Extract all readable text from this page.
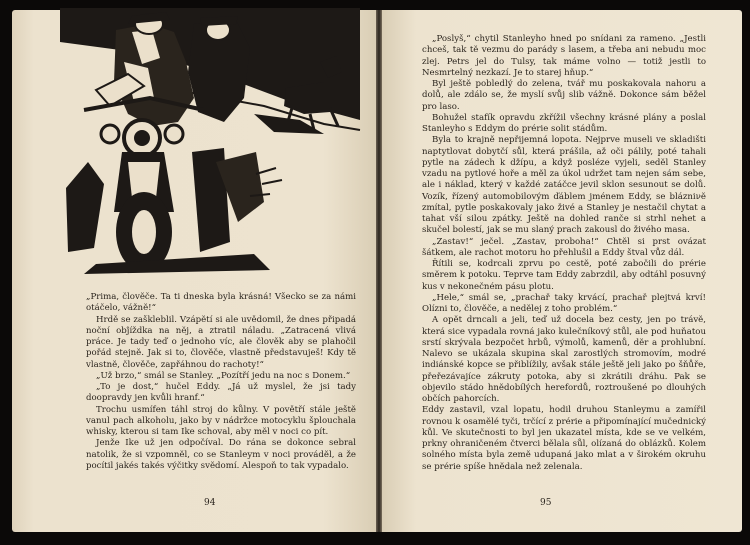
„Prima, človĕče. Ta ti dneska byla krásná! Všecko se za námi otáčelo, vážnĕ!“

Hrdě se zaškleblil. Vzápĕtí si ale uvědomil, že dnes připadá noční obĵíždka na nĕj, a ztratil náladu. „Zatracená vlivá práce. Je tady teď o jednoho víc, ale člověk aby se plahočil pořád stejnĕ. Jak si to, človĕče, vlastnĕ představuješ! Kdy tĕ vlastnĕ, člověče, zapřáhnou do rachoty!“

„Už brzo,“ smál se Stanley. „Pozítří jedu na noc s Donem.“

„To je dost,“ hučel Eddy. „Já už myslel, že jsi tady doopravdy jen kvůli hranf.“

Trochu usmífen táhl stroj do kůlny. V povětří stále ještĕ vanul pach alkoholu, jako by v nádržce motocyklu šplouchala whisky, kterou si tam Ike schoval, aby mĕl v noci co pít.

Jenže Ike už jen odpočíval. Do rána se dokonce sebral natolik, že si vzpomnĕl, co se Stanleym v noci provádĕl, a že pocítil jakés takés výčitky svĕdomí. Alespoň to tak vypadalo.

94

„Poslyš,“ chytil Stanleyho hned po snídani za rameno. „Jestli chceš, tak tĕ vezmu do parády s lasem, a třeba ani nebudu moc zlej. Petrs jel do Tulsy, tak máme volno — totiž jestli to Nesmrtelný nezkazí. Je to starej hňup.“

Byl ještĕ pobledlý do zelena, tvář mu poskakovala nahoru a dolů, ale zdálo se, že myslí svůj slib vážnĕ. Dokonce sám bĕžel pro laso.

Bohužel stafík opravdu zkřížil všechny krásné plány a poslal Stanleyho s Eddym do prérie solit stádům.

Byla to krajnĕ nepřijemná lopota. Nejprve museli ve skladišti naptytlovat dobytčí sůl, která prášila, až oči pálily, poté tahali pytle na zádech k džípu, a když posléze vyjeli, sedĕl Stanley vzadu na pytlové hoře a mĕl za úkol udržet tam nejen sám sebe, ale i náklad, který v každé zatáčce jevil sklon sesunout se dolů. Vozík, řízený automobilovým ďáblem jménem Eddy, se blázniνĕ zmítal, pytle poskakovaly jako živé a Stanley je nestačil chytat a tahat vší silou zpátky. Ještĕ na dohled ranče si strhl nehet a skučel bolestí, jak se mu slaný prach zakousl do živého masa.

„Zastav!“ ječel. „Zastav, proboha!“ Chtĕl si prst ovázat šátkem, ale rachot motoru ho přehlušil a Eddy štval vůz dál.

Řítili se, kodrcali zprvu po cestĕ, poté zabočili do prérie smĕrem k potoku. Teprve tam Eddy zabrzdil, aby odtáhl posuvný kus v nekonečném pásu plotu.

„Hele,“ smál se, „prachař taky krvácí, prachař plejtvá krví! Olízni to, človĕče, a nedĕlej z toho problém.“

A opĕt drncali a jeli, teď už docela bez cesty, jen po trávĕ, která sice vypadala rovná jako kulečníkový stůl, ale pod huňatou srstí skrývala bezpočet hrbů, výmolů, kamenů, dĕr a prohlubní. Nalevo se ukázala skupina skal zarostlých stromovím, modré indiánské kopce se přiblížily, avšak stále ještĕ jeli jako po šňůře, přeřezávajíce zákruty potoka, aby si zkrátili dráhu. Pak se objevilo stádo hnĕdobílých herefordů, roztroušené po dlouhých občích pahorcích.

Eddy zastavil, vzal lopatu, hodil druhou Stanleymu a zamířil rovnou k osamĕlé tyči, trčící z prérie a připomínající mučednický kůl. Ve skutečnosti to byl jen ukazatel místa, kde se ve velkém, prkny ohraničeném čtverci bělala sůl, olízaná do oblázků. Kolem solného místa byla zemĕ udupaná jako mlat a v širokém okruhu se prérie spíše hnĕdala než zelenala.

95
